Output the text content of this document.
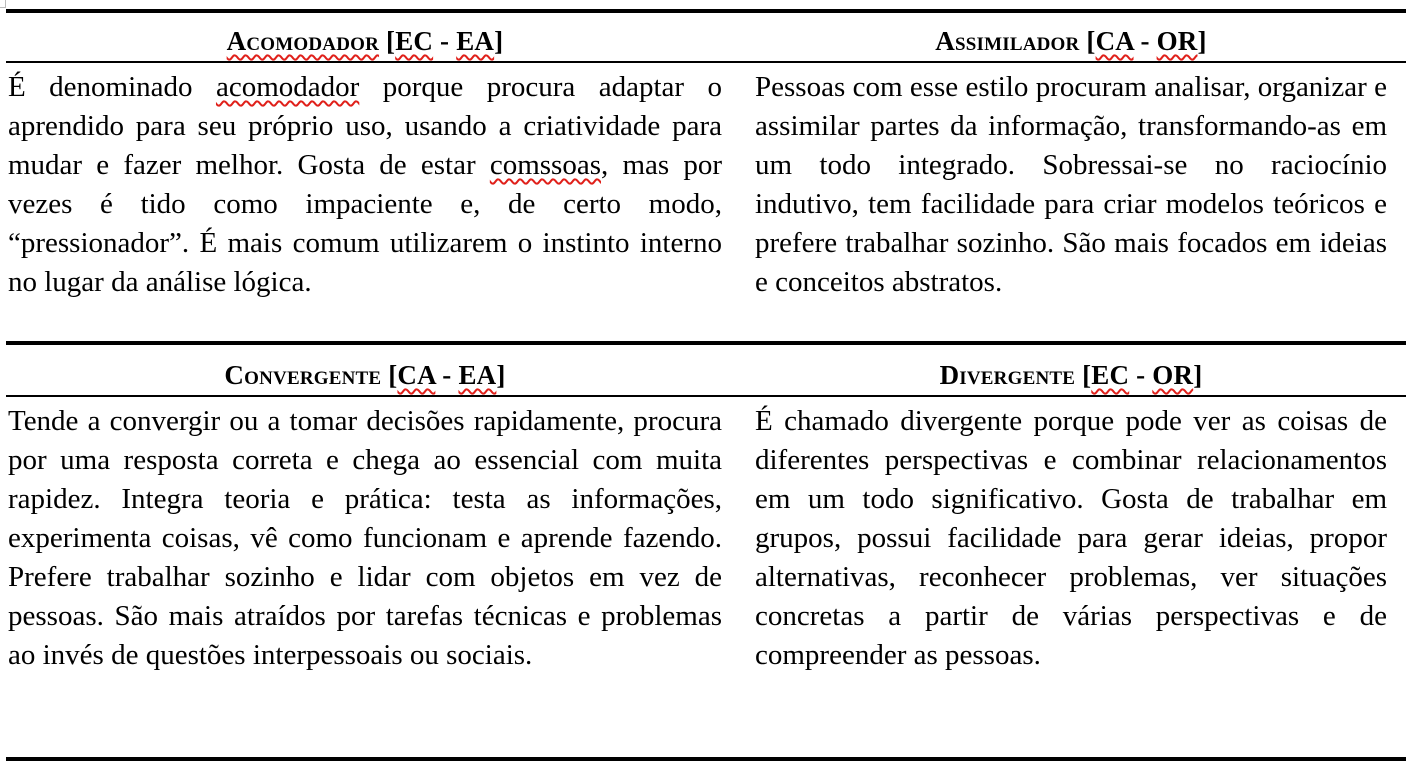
Acomodador [EC - EA]	Assimilador [CA - OR]
É denominado acomodador porque procura adaptar o aprendido para seu próprio uso, usando a criatividade para mudar e fazer melhor. Gosta de estar comssoas, mas por vezes é tido como impaciente e, de certo modo, “pressionador”. É mais comum utilizarem o instinto interno no lugar da análise lógica.
Pessoas com esse estilo procuram analisar, organizar e assimilar partes da informação, transformando-as em um todo integrado. Sobressai-se no raciocínio indutivo, tem facilidade para criar modelos teóricos e prefere trabalhar sozinho. São mais focados em ideias e conceitos abstratos.
Convergente [CA - EA]	Divergente [EC - OR]
Tende a convergir ou a tomar decisões rapidamente, procura por uma resposta correta e chega ao essencial com muita rapidez. Integra teoria e prática: testa as informações, experimenta coisas, vê como funcionam e aprende fazendo. Prefere trabalhar sozinho e lidar com objetos em vez de pessoas. São mais atraídos por tarefas técnicas e problemas ao invés de questões interpessoais ou sociais.
É chamado divergente porque pode ver as coisas de diferentes perspectivas e combinar relacionamentos em um todo significativo. Gosta de trabalhar em grupos, possui facilidade para gerar ideias, propor alternativas, reconhecer problemas, ver situações concretas a partir de várias perspectivas e de compreender as pessoas.
